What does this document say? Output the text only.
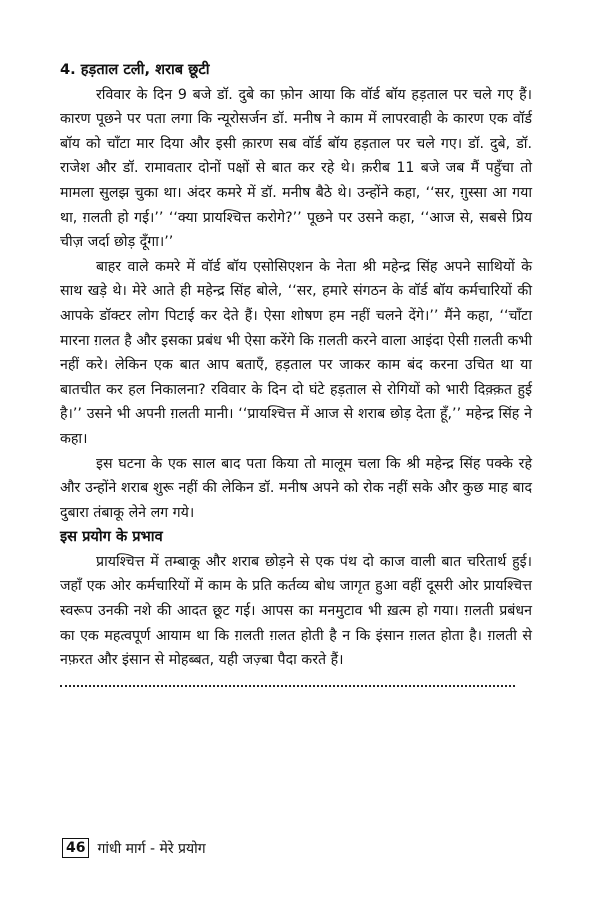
4. हड़ताल टली, शराब छूटी

रविवार के दिन 9 बजे डॉ. दुबे का फ़ोन आया कि वॉर्ड बॉय हड़ताल पर चले गए हैं। कारण पूछने पर पता लगा कि न्यूरोसर्जन डॉ. मनीष ने काम में लापरवाही के कारण एक वॉर्ड बॉय को चाँटा मार दिया और इसी क़ारण सब वॉर्ड बॉय हड़ताल पर चले गए। डॉ. दुबे, डॉ. राजेश और डॉ. रामावतार दोनों पक्षों से बात कर रहे थे। क़रीब 11 बजे जब मैं पहुँचा तो मामला सुलझ चुका था। अंदर कमरे में डॉ. मनीष बैठे थे। उन्होंने कहा, ‘‘सर, ग़ुस्सा आ गया था, ग़लती हो गई।’’ ‘‘क्या प्रायश्चित्त करोगे?’’ पूछने पर उसने कहा, ‘‘आज से, सबसे प्रिय चीज़ जर्दा छोड़ दूँगा।’’

बाहर वाले कमरे में वॉर्ड बॉय एसोसिएशन के नेता श्री महेन्द्र सिंह अपने साथियों के साथ खड़े थे। मेरे आते ही महेन्द्र सिंह बोले, ‘‘सर, हमारे संगठन के वॉर्ड बॉय कर्मचारियों की आपके डॉक्टर लोग पिटाई कर देते हैं। ऐसा शोषण हम नहीं चलने देंगे।’’ मैंने कहा, ‘‘चाँटा मारना ग़लत है और इसका प्रबंध भी ऐसा करेंगे कि ग़लती करने वाला आइंदा ऐसी ग़लती कभी नहीं करे। लेकिन एक बात आप बताएँ, हड़ताल पर जाकर काम बंद करना उचित था या बातचीत कर हल निकालना? रविवार के दिन दो घंटे हड़ताल से रोगियों को भारी दिक़्क़त हुई है।’’ उसने भी अपनी ग़लती मानी। ‘‘प्रायश्चित्त में आज से शराब छोड़ देता हूँ,’’ महेन्द्र सिंह ने कहा।

इस घटना के एक साल बाद पता किया तो मालूम चला कि श्री महेन्द्र सिंह पक्के रहे और उन्होंने शराब शुरू नहीं की लेकिन डॉ. मनीष अपने को रोक नहीं सके और कुछ माह बाद दुबारा तंबाकू लेने लग गये।

इस प्रयोग के प्रभाव

प्रायश्चित्त में तम्बाकू और शराब छोड़ने से एक पंथ दो काज वाली बात चरितार्थ हुई। जहाँ एक ओर कर्मचारियों में काम के प्रति कर्तव्य बोध जागृत हुआ वहीं दूसरी ओर प्रायश्चित्त स्वरूप उनकी नशे की आदत छूट गई। आपस का मनमुटाव भी ख़त्म हो गया। ग़लती प्रबंधन का एक महत्वपूर्ण आयाम था कि ग़लती ग़लत होती है न कि इंसान ग़लत होता है। ग़लती से नफ़रत और इंसान से मोहब्बत, यही जज़्बा पैदा करते हैं।

46 गांधी मार्ग - मेरे प्रयोग
